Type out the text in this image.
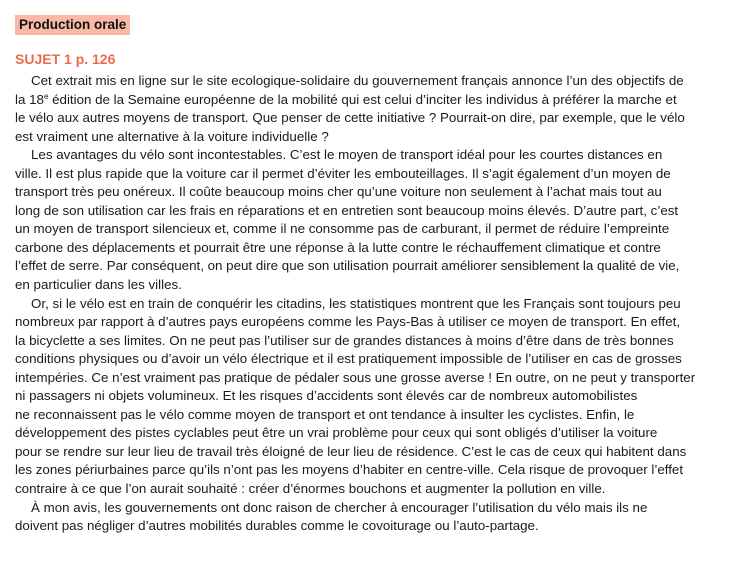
Production orale
SUJET 1 p. 126

Cet extrait mis en ligne sur le site ecologique-solidaire du gouvernement français annonce l’un des objectifs de
la 18e édition de la Semaine européenne de la mobilité qui est celui d’inciter les individus à préférer la marche et
le vélo aux autres moyens de transport. Que penser de cette initiative ? Pourrait-on dire, par exemple, que le vélo
est vraiment une alternative à la voiture individuelle ?

Les avantages du vélo sont incontestables. C’est le moyen de transport idéal pour les courtes distances en
ville. Il est plus rapide que la voiture car il permet d’éviter les embouteillages. Il s’agit également d’un moyen de
transport très peu onéreux. Il coûte beaucoup moins cher qu’une voiture non seulement à l’achat mais tout au
long de son utilisation car les frais en réparations et en entretien sont beaucoup moins élevés. D’autre part, c’est
un moyen de transport silencieux et, comme il ne consomme pas de carburant, il permet de réduire l’empreinte
carbone des déplacements et pourrait être une réponse à la lutte contre le réchauffement climatique et contre
l’effet de serre. Par conséquent, on peut dire que son utilisation pourrait améliorer sensiblement la qualité de vie,
en particulier dans les villes.

Or, si le vélo est en train de conquérir les citadins, les statistiques montrent que les Français sont toujours peu
nombreux par rapport à d’autres pays européens comme les Pays-Bas à utiliser ce moyen de transport. En effet,
la bicyclette a ses limites. On ne peut pas l’utiliser sur de grandes distances à moins d’être dans de très bonnes
conditions physiques ou d’avoir un vélo électrique et il est pratiquement impossible de l’utiliser en cas de grosses
intempéries. Ce n’est vraiment pas pratique de pédaler sous une grosse averse ! En outre, on ne peut y transporter
ni passagers ni objets volumineux. Et les risques d’accidents sont élevés car de nombreux automobilistes
ne reconnaissent pas le vélo comme moyen de transport et ont tendance à insulter les cyclistes. Enfin, le
développement des pistes cyclables peut être un vrai problème pour ceux qui sont obligés d’utiliser la voiture
pour se rendre sur leur lieu de travail très éloigné de leur lieu de résidence. C’est le cas de ceux qui habitent dans
les zones périurbaines parce qu’ils n’ont pas les moyens d’habiter en centre-ville. Cela risque de provoquer l’effet
contraire à ce que l’on aurait souhaité : créer d’énormes bouchons et augmenter la pollution en ville.

À mon avis, les gouvernements ont donc raison de chercher à encourager l’utilisation du vélo mais ils ne
doivent pas négliger d’autres mobilités durables comme le covoiturage ou l’auto-partage.
